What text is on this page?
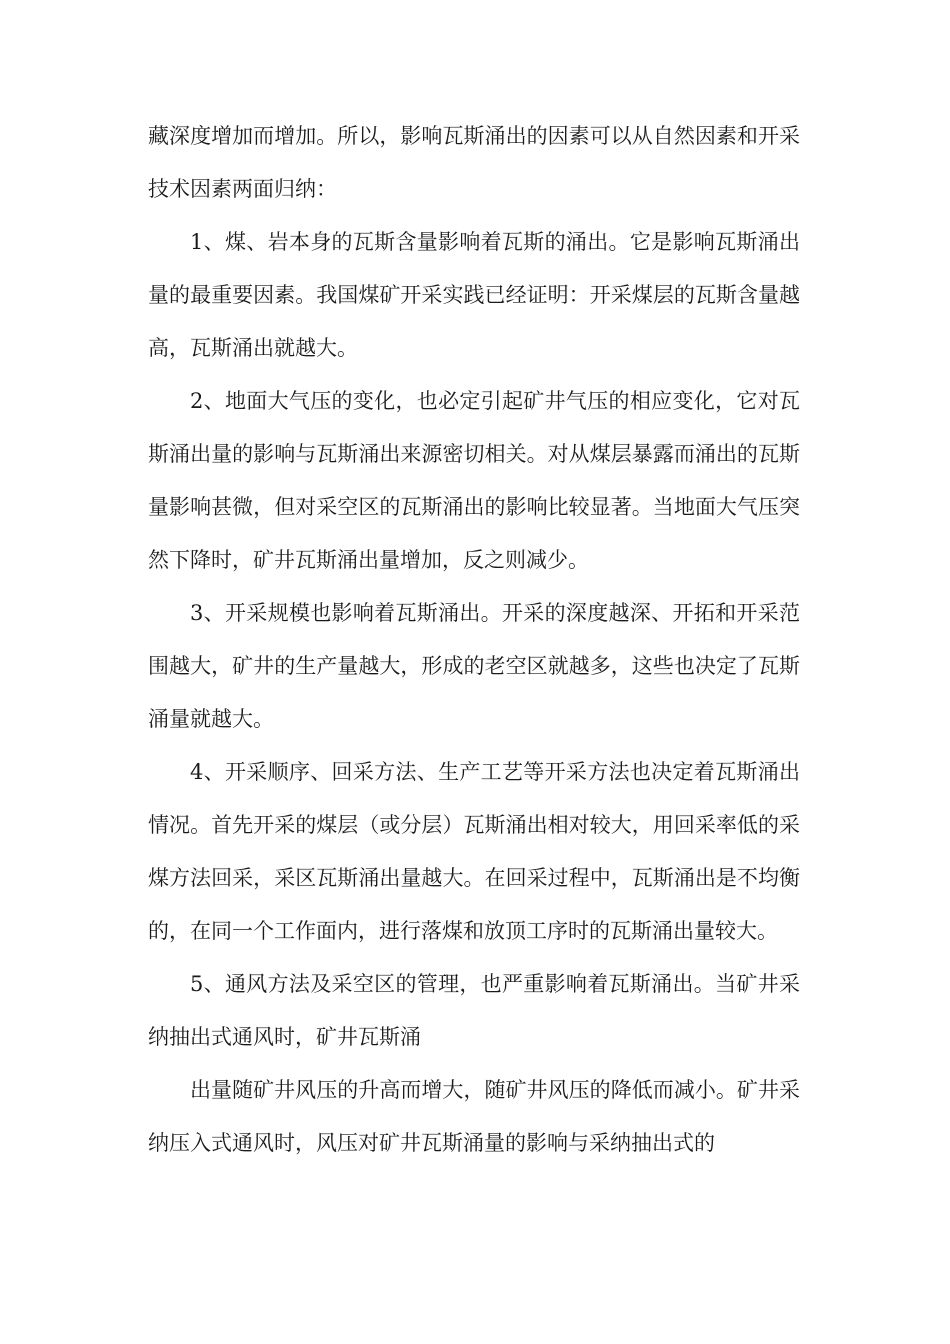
藏深度增加而增加。所以，影响瓦斯涌出的因素可以从自然因素和开采技术因素两面归纳：

1、煤、岩本身的瓦斯含量影响着瓦斯的涌出。它是影响瓦斯涌出量的最重要因素。我国煤矿开采实践已经证明：开采煤层的瓦斯含量越高，瓦斯涌出就越大。

2、地面大气压的变化，也必定引起矿井气压的相应变化，它对瓦斯涌出量的影响与瓦斯涌出来源密切相关。对从煤层暴露而涌出的瓦斯量影响甚微，但对采空区的瓦斯涌出的影响比较显著。当地面大气压突然下降时，矿井瓦斯涌出量增加，反之则减少。

3、开采规模也影响着瓦斯涌出。开采的深度越深、开拓和开采范围越大，矿井的生产量越大，形成的老空区就越多，这些也决定了瓦斯涌量就越大。

4、开采顺序、回采方法、生产工艺等开采方法也决定着瓦斯涌出情况。首先开采的煤层（或分层）瓦斯涌出相对较大，用回采率低的采煤方法回采，采区瓦斯涌出量越大。在回采过程中，瓦斯涌出是不均衡的，在同一个工作面内，进行落煤和放顶工序时的瓦斯涌出量较大。

5、通风方法及采空区的管理，也严重影响着瓦斯涌出。当矿井采纳抽出式通风时，矿井瓦斯涌

出量随矿井风压的升高而增大，随矿井风压的降低而减小。矿井采纳压入式通风时，风压对矿井瓦斯涌量的影响与采纳抽出式的
